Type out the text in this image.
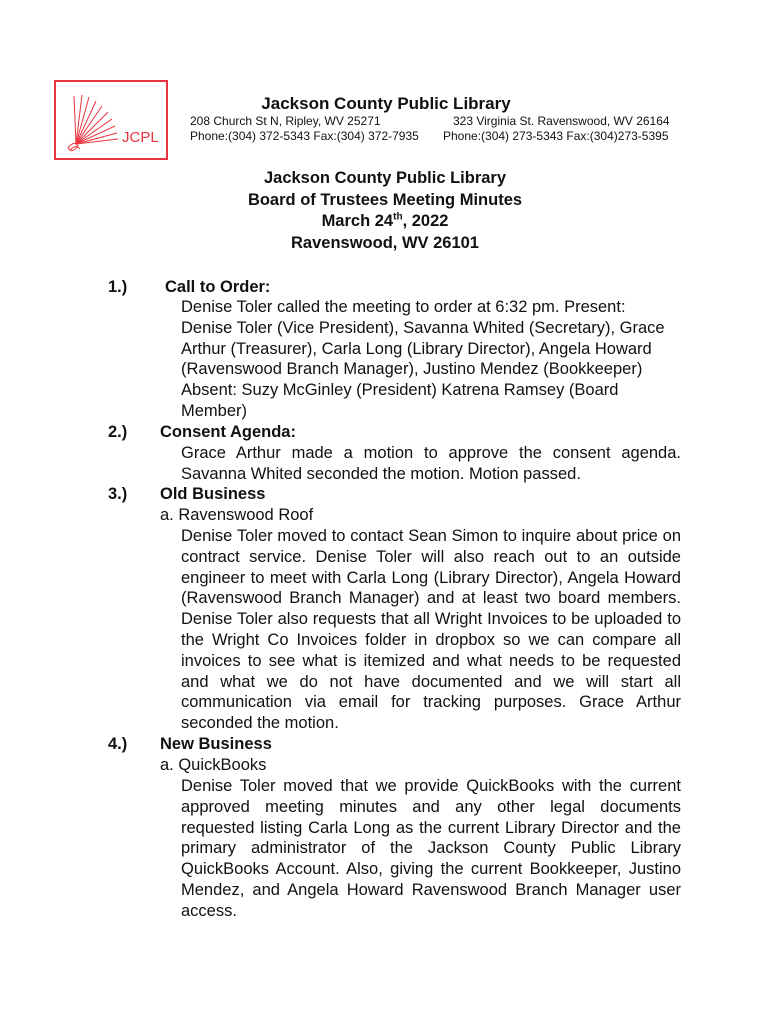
JCPL
Jackson County Public Library
208 Church St N, Ripley, WV 25271	323 Virginia St. Ravenswood, WV 26164
Phone:(304) 372-5343 Fax:(304) 372-7935 Phone:(304) 273-5343 Fax:(304)273-5395
Jackson County Public Library
Board of Trustees Meeting Minutes
March 24th, 2022
Ravenswood, WV 26101
1.) Call to Order:
Denise Toler called the meeting to order at 6:32 pm. Present: Denise Toler (Vice President), Savanna Whited (Secretary), Grace Arthur (Treasurer), Carla Long (Library Director), Angela Howard (Ravenswood Branch Manager), Justino Mendez (Bookkeeper) Absent: Suzy McGinley (President) Katrena Ramsey (Board Member)
2.) Consent Agenda:
Grace Arthur made a motion to approve the consent agenda. Savanna Whited seconded the motion. Motion passed.
3.) Old Business
a. Ravenswood Roof
Denise Toler moved to contact Sean Simon to inquire about price on contract service. Denise Toler will also reach out to an outside engineer to meet with Carla Long (Library Director), Angela Howard (Ravenswood Branch Manager) and at least two board members. Denise Toler also requests that all Wright Invoices to be uploaded to the Wright Co Invoices folder in dropbox so we can compare all invoices to see what is itemized and what needs to be requested and what we do not have documented and we will start all communication via email for tracking purposes. Grace Arthur seconded the motion.
4.) New Business
a. QuickBooks
Denise Toler moved that we provide QuickBooks with the current approved meeting minutes and any other legal documents requested listing Carla Long as the current Library Director and the primary administrator of the Jackson County Public Library QuickBooks Account. Also, giving the current Bookkeeper, Justino Mendez, and Angela Howard Ravenswood Branch Manager user access.
